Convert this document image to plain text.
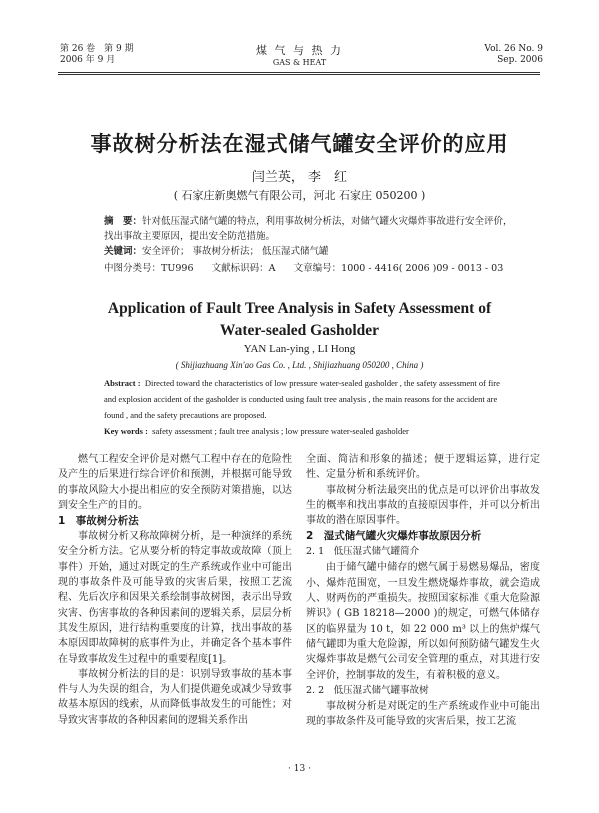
第 26 卷　第 9 期
2006 年 9 月
煤 气 与 热 力
GAS & HEAT
Vol. 26 No. 9
Sep. 2006
事故树分析法在湿式储气罐安全评价的应用
闫兰英， 李　红
( 石家庄新奥燃气有限公司，河北 石家庄 050200 )
摘　要：针对低压湿式储气罐的特点，利用事故树分析法，对储气罐火灾爆炸事故进行安全评价，找出事故主要原因，提出安全防范措施。
关键词：安全评价； 事故树分析法； 低压湿式储气罐
中图分类号：TU996 文献标识码：A 文章编号：1000 - 4416( 2006 )09 - 0013 - 03
Application of Fault Tree Analysis in Safety Assessment of
Water-sealed Gasholder
YAN Lan-ying , LI Hong
( Shijiazhuang Xin'ao Gas Co. , Ltd. , Shijiazhuang 050200 , China )
Abstract : Directed toward the characteristics of low pressure water-sealed gasholder , the safety assessment of fire and explosion accident of the gasholder is conducted using fault tree analysis , the main reasons for the accident are found , and the safety precautions are proposed.
Key words : safety assessment ; fault tree analysis ; low pressure water-sealed gasholder

燃气工程安全评价是对燃气工程中存在的危险性及产生的后果进行综合评价和预测，并根据可能导致的事故风险大小提出相应的安全预防对策措施，以达到安全生产的目的。

1　事故树分析法

事故树分析又称故障树分析，是一种演绎的系统安全分析方法。它从要分析的特定事故或故障（顶上事件）开始，通过对既定的生产系统或作业中可能出现的事故条件及可能导致的灾害后果，按照工艺流程、先后次序和因果关系绘制事故树图，表示出导致灾害、伤害事故的各种因素间的逻辑关系，层层分析其发生原因，进行结构重要度的计算，找出事故的基本原因即故障树的底事件为止，并确定各个基本事件在导致事故发生过程中的重要程度[1]。

事故树分析法的目的是：识别导致事故的基本事件与人为失误的组合，为人们提供避免或减少导致事故基本原因的线索，从而降低事故发生的可能性；对导致灾害事故的各种因素间的逻辑关系作出

全面、简洁和形象的描述；便于逻辑运算，进行定性、定量分析和系统评价。

事故树分析法最突出的优点是可以评价出事故发生的概率和找出事故的直接原因事件，并可以分析出事故的潜在原因事件。

2　湿式储气罐火灾爆炸事故原因分析
2. 1　低压湿式储气罐简介

由于储气罐中储存的燃气属于易燃易爆品，密度小、爆炸范围宽，一旦发生燃烧爆炸事故，就会造成人、财两伤的严重损失。按照国家标准《重大危险源辨识》( GB 18218—2000 )的规定，可燃气体储存区的临界量为 10 t，如 22 000 m³ 以上的焦炉煤气储气罐即为重大危险源，所以如何预防储气罐发生火灾爆炸事故是燃气公司安全管理的重点，对其进行安全评价，控制事故的发生，有着积极的意义。

2. 2　低压湿式储气罐事故树

事故树分析是对既定的生产系统或作业中可能出现的事故条件及可能导致的灾害后果，按工艺流

· 13 ·
